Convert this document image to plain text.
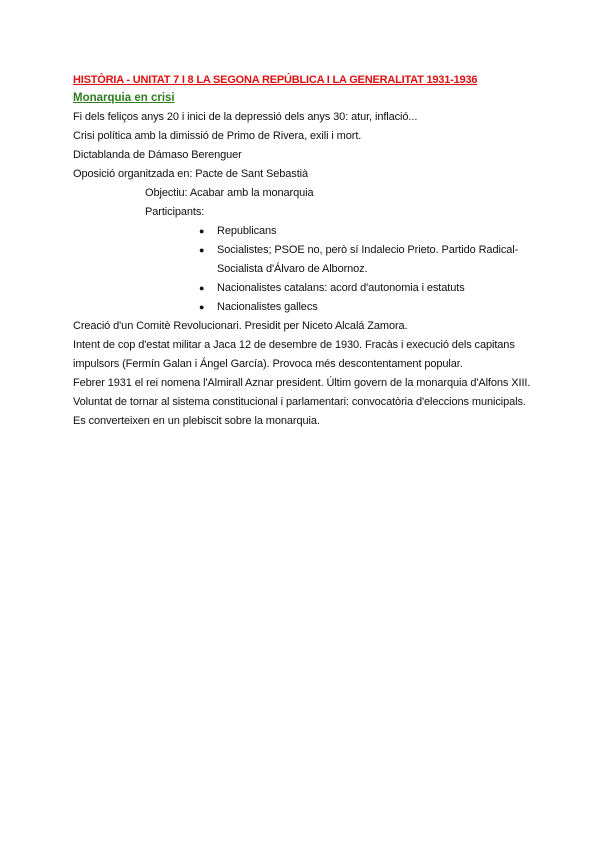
HISTÒRIA - UNITAT 7 I 8 LA SEGONA REPÚBLICA I LA GENERALITAT 1931-1936
Monarquia en crisi

Fi dels feliços anys 20 i inici de la depressió dels anys 30: atur, inflació...

Crisi política amb la dimissió de Primo de Rivera, exili i mort.

Dictablanda de Dámaso Berenguer

Oposició organitzada en: Pacte de Sant Sebastià

Objectiu: Acabar amb la monarquia

Participants:

● Republicans
● Socialistes; PSOE no, però sí Indalecio Prieto. Partido Radical-Socialista d'Álvaro de Albornoz.
● Nacionalistes catalans: acord d'autonomia i estatuts
● Nacionalistes gallecs

Creació d'un Comitè Revolucionari. Presidit per Niceto Alcalá Zamora.

Intent de cop d'estat militar a Jaca 12 de desembre de 1930. Fracàs i execució dels capitans impulsors (Fermín Galan i Ángel García). Provoca més descontentament popular.

Febrer 1931 el rei nomena l'Almirall Aznar president. Últim govern de la monarquia d'Alfons XIII.

Voluntat de tornar al sistema constitucional i parlamentari: convocatòria d'eleccions municipals.

Es converteixen en un plebiscit sobre la monarquia.
